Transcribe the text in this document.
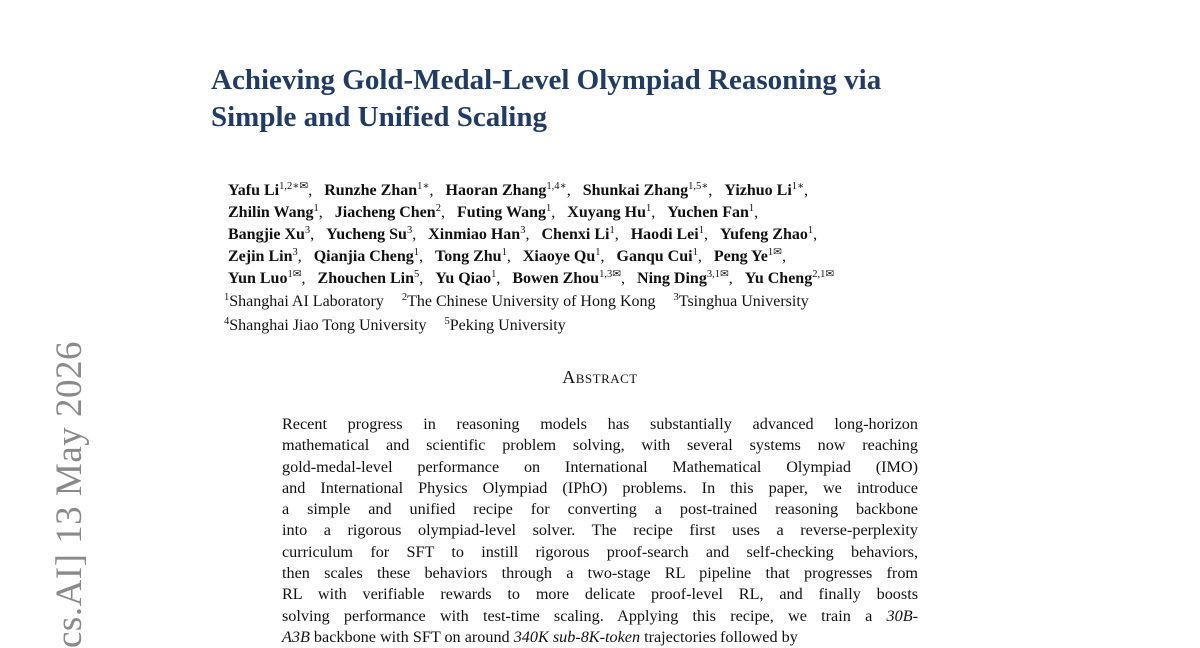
cs.AI] 13 May 2026
Achieving Gold-Medal-Level Olympiad Reasoning via
Simple and Unified Scaling
Yafu $Li^{1,2∗✉}$,  Runzhe Zhan$^{1∗}$,  Haoran Zhang$^{1,4∗}$,  Shunkai Zhang$^{1,5∗}$,  Yizhuo $Li^{1∗}$,
Zhilin Wang$^1$,  Jiacheng Chen$^2$,  Futing Wang$^1$,  Xuyang Hu$^1$,  Yuchen Fan$^1$,
Bangjie Xu$^3$,  Yucheng Su$^3$,  Xinmiao Han$^3$,  Chenxi Li$^1$,  Haodi Lei$^1$,  Yufeng Zhao$^1$,
Zejin Lin$^3$,  Qianjia Cheng$^1$,  Tong Zhu$^1$,  Xiaoye Qu$^1$,  Ganqu Cui$^1$,  Peng $Ye^{1✉}$,
Yun Luo$^{1✉}$,  Zhouchen Lin$^5$,  Yu Qiao$^1$,  Bowen Zhou$^{1,3✉}$,  Ning Ding$^{3,1✉}$,  Yu Cheng$^{2,1✉}$
$^1$Shanghai AI Laboratory $^2$The Chinese University of Hong Kong $^3$Tsinghua University
$^4$Shanghai Jiao Tong University $^5$Peking University
Abstract
Recent progress in reasoning models has substantially advanced long-horizon
mathematical and scientific problem solving, with several systems now reaching
gold-medal-level performance on International Mathematical Olympiad (IMO)
and International Physics Olympiad (IPhO) problems. In this paper, we introduce
a simple and unified recipe for converting a post-trained reasoning backbone
into a rigorous olympiad-level solver. The recipe first uses a reverse-perplexity
curriculum for SFT to instill rigorous proof-search and self-checking behaviors,
then scales these behaviors through a two-stage RL pipeline that progresses from
RL with verifiable rewards to more delicate proof-level RL, and finally boosts
solving performance with test-time scaling. Applying this recipe, we train a 30B-
A3B backbone with SFT on around 340K sub-8K-token trajectories followed by
